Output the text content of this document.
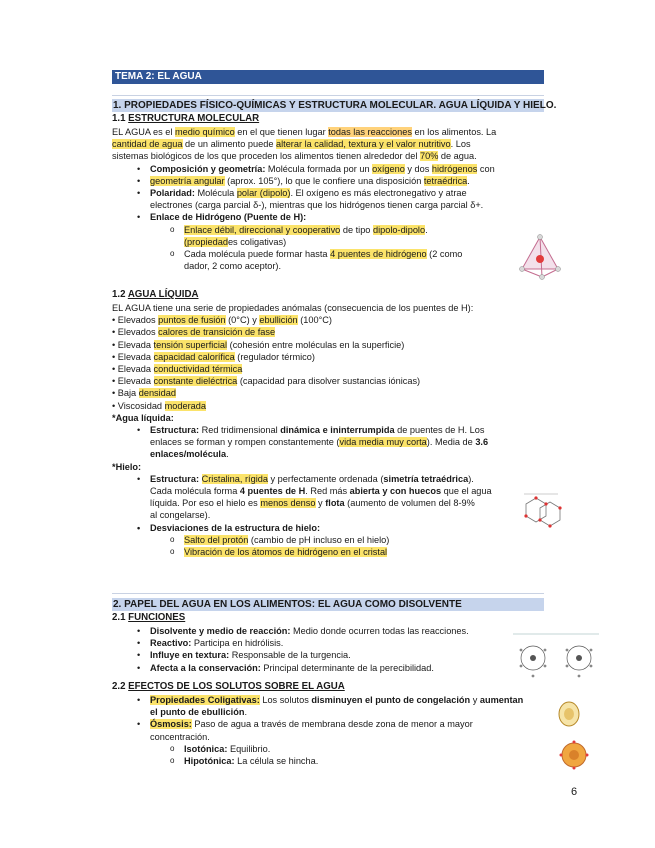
TEMA 2: EL AGUA
1. PROPIEDADES FÍSICO-QUÍMICAS Y ESTRUCTURA MOLECULAR. AGUA LÍQUIDA Y HIELO.
1.1 ESTRUCTURA MOLECULAR
EL AGUA es el medio químico en el que tienen lugar todas las reacciones en los alimentos. La
cantidad de agua de un alimento puede alterar la calidad, textura y el valor nutritivo. Los
sistemas biológicos de los que proceden los alimentos tienen alrededor del 70% de agua.
• Composición y geometría: Molécula formada por un oxígeno y dos hidrógenos con
• geometría angular (aprox. 105°), lo que le confiere una disposición tetraédrica.
• Polaridad: Molécula polar (dipolo). El oxígeno es más electronegativo y atrae
electrones (carga parcial δ-), mientras que los hidrógenos tienen carga parcial δ+.
• Enlace de Hidrógeno (Puente de H):
o Enlace débil, direccional y cooperativo de tipo dipolo-dipolo.
(propiedades coligativas)
o Cada molécula puede formar hasta 4 puentes de hidrógeno (2 como
dador, 2 como aceptor).
1.2 AGUA LÍQUIDA
EL AGUA tiene una serie de propiedades anómalas (consecuencia de los puentes de H):
• Elevados puntos de fusión (0°C) y ebullición (100°C)
• Elevados calores de transición de fase
• Elevada tensión superficial (cohesión entre moléculas en la superficie)
• Elevada capacidad calorífica (regulador térmico)
• Elevada conductividad térmica
• Elevada constante dieléctrica (capacidad para disolver sustancias iónicas)
• Baja densidad
• Viscosidad moderada
*Agua líquida:
• Estructura: Red tridimensional dinámica e ininterrumpida de puentes de H. Los
enlaces se forman y rompen constantemente (vida media muy corta). Media de 3.6
enlaces/molécula.
*Hielo:
• Estructura: Cristalina, rígida y perfectamente ordenada (simetría tetraédrica).
Cada molécula forma 4 puentes de H. Red más abierta y con huecos que el agua
líquida. Por eso el hielo es menos denso y flota (aumento de volumen del 8-9%
al congelarse).
• Desviaciones de la estructura de hielo:
o Salto del protón (cambio de pH incluso en el hielo)
o Vibración de los átomos de hidrógeno en el cristal
2. PAPEL DEL AGUA EN LOS ALIMENTOS: EL AGUA COMO DISOLVENTE
2.1 FUNCIONES
• Disolvente y medio de reacción: Medio donde ocurren todas las reacciones.
• Reactivo: Participa en hidrólisis.
• Influye en textura: Responsable de la turgencia.
• Afecta a la conservación: Principal determinante de la perecibilidad.
2.2 EFECTOS DE LOS SOLUTOS SOBRE EL AGUA
• Propiedades Coligativas: Los solutos disminuyen el punto de congelación y aumentan
el punto de ebullición.
• Ósmosis: Paso de agua a través de membrana desde zona de menor a mayor
concentración.
o Isotónica: Equilibrio.
o Hipotónica: La célula se hincha.
6
